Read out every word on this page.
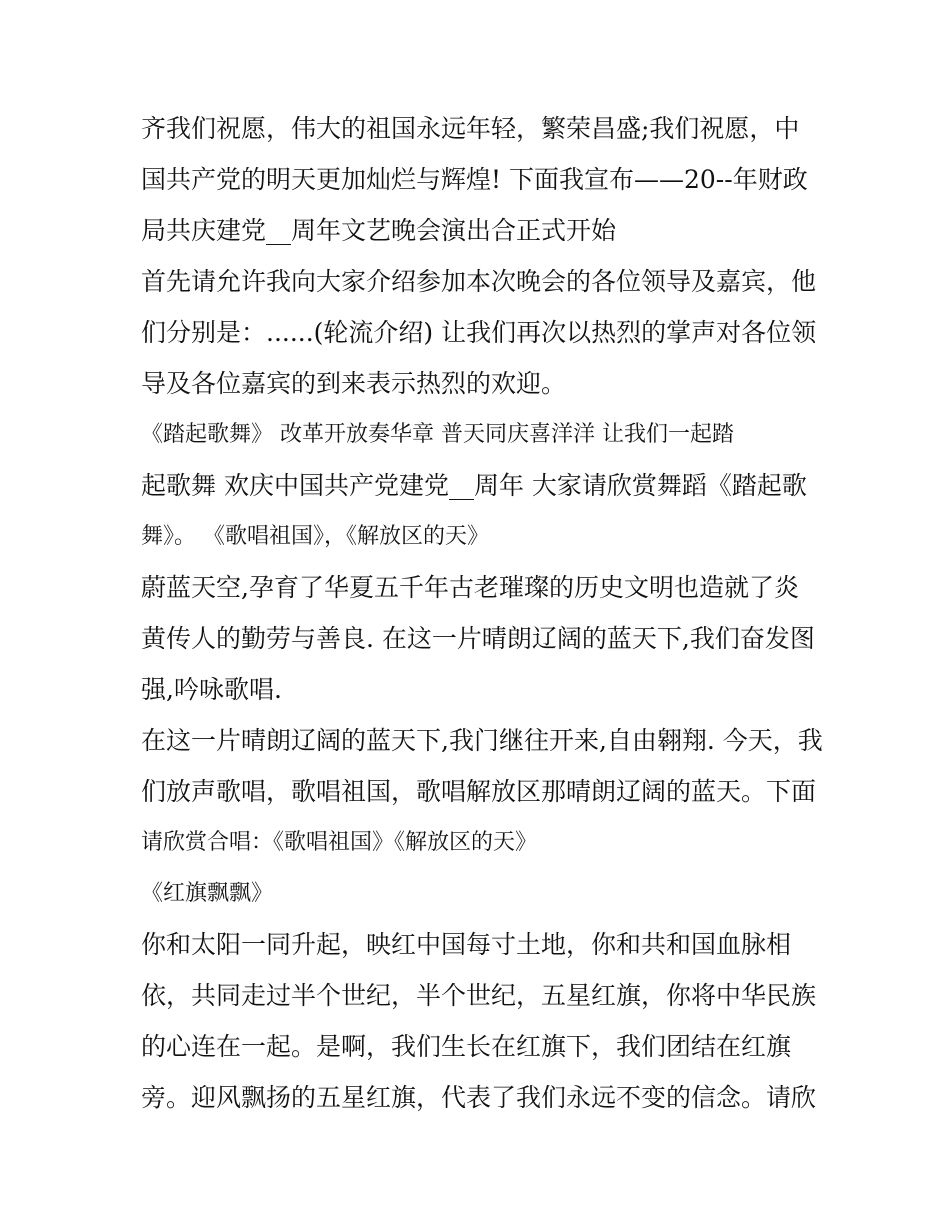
齐我们祝愿，伟大的祖国永远年轻，繁荣昌盛;我们祝愿，中
国共产党的明天更加灿烂与辉煌! 下面我宣布——20--年财政
局共庆建党__周年文艺晚会演出合正式开始
首先请允许我向大家介绍参加本次晚会的各位领导及嘉宾，他
们分别是：......(轮流介绍) 让我们再次以热烈的掌声对各位领
导及各位嘉宾的到来表示热烈的欢迎。
《踏起歌舞》 改革开放奏华章 普天同庆喜洋洋 让我们一起踏
起歌舞 欢庆中国共产党建党__周年 大家请欣赏舞蹈《踏起歌
舞》。 《歌唱祖国》，《解放区的天》
蔚蓝天空,孕育了华夏五千年古老璀璨的历史文明也造就了炎
黄传人的勤劳与善良. 在这一片晴朗辽阔的蓝天下,我们奋发图
强,吟咏歌唱.
在这一片晴朗辽阔的蓝天下,我门继往开来,自由翱翔. 今天，我
们放声歌唱，歌唱祖国，歌唱解放区那晴朗辽阔的蓝天。下面
请欣赏合唱：《歌唱祖国》《解放区的天》
《红旗飘飘》
你和太阳一同升起，映红中国每寸土地，你和共和国血脉相
依，共同走过半个世纪，半个世纪，五星红旗，你将中华民族
的心连在一起。是啊，我们生长在红旗下，我们团结在红旗
旁。迎风飘扬的五星红旗，代表了我们永远不变的信念。请欣
